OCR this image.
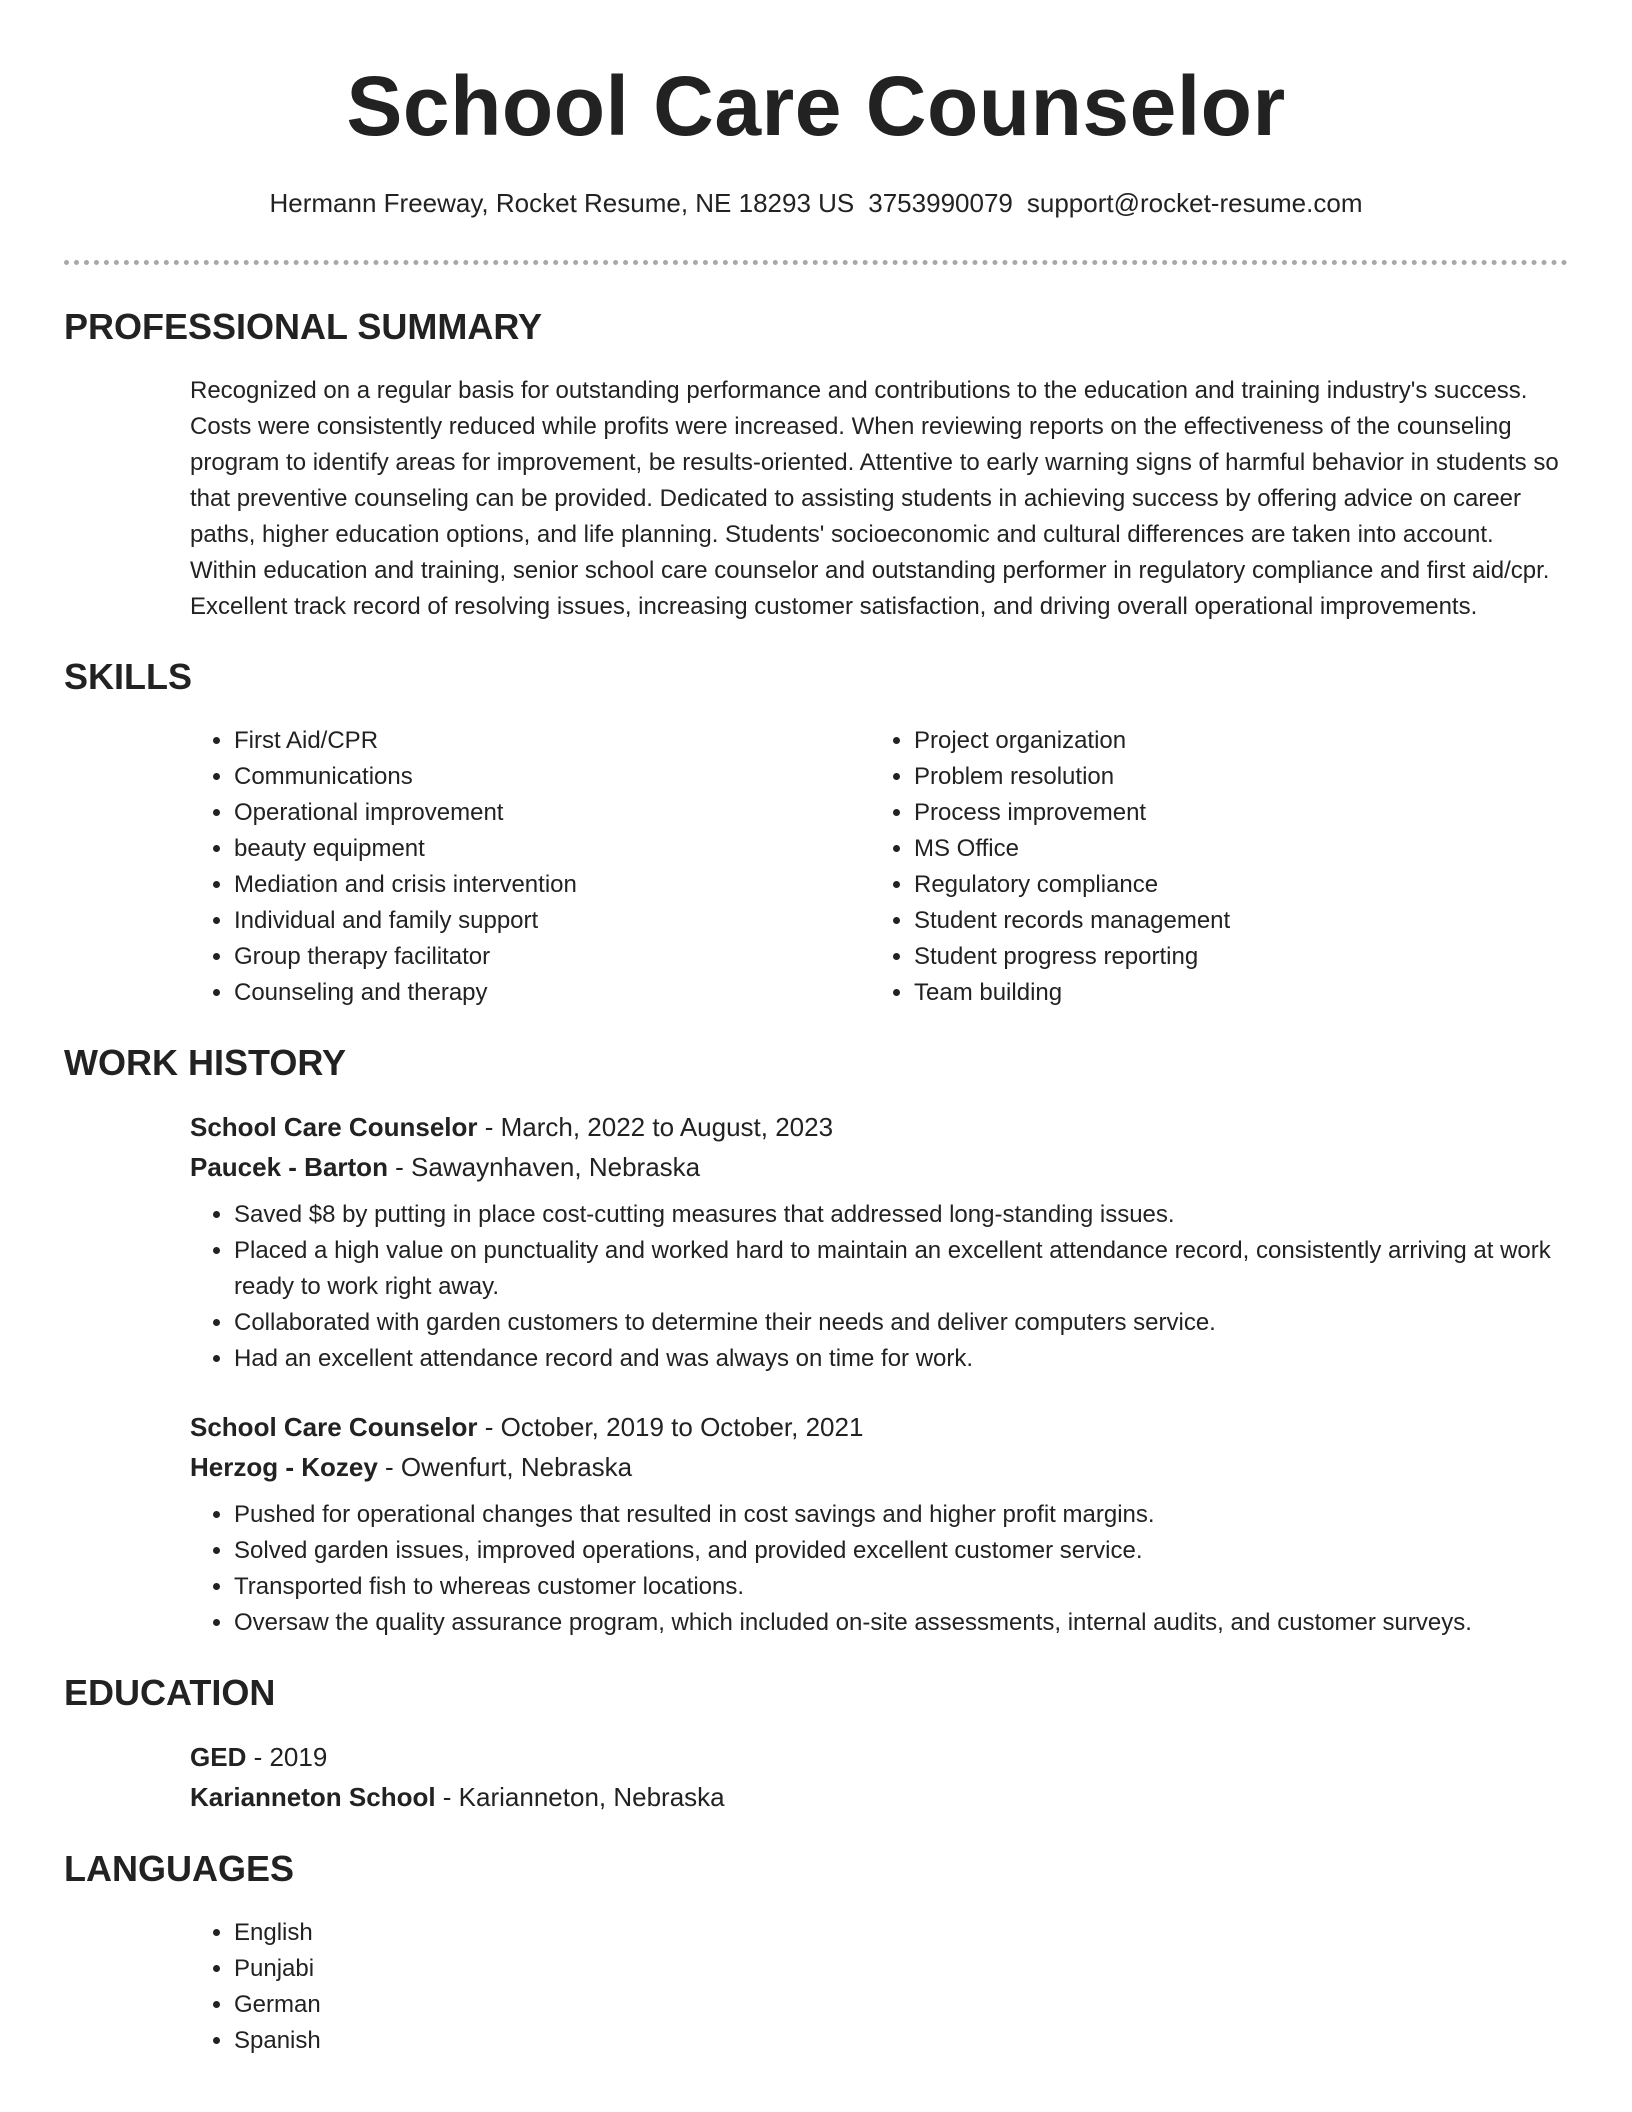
School Care Counselor
Hermann Freeway, Rocket Resume, NE 18293 US 3753990079 support@rocket-resume.com
PROFESSIONAL SUMMARY

Recognized on a regular basis for outstanding performance and contributions to the education and training industry's success. Costs were consistently reduced while profits were increased. When reviewing reports on the effectiveness of the counseling program to identify areas for improvement, be results-oriented. Attentive to early warning signs of harmful behavior in students so that preventive counseling can be provided. Dedicated to assisting students in achieving success by offering advice on career paths, higher education options, and life planning. Students' socioeconomic and cultural differences are taken into account. Within education and training, senior school care counselor and outstanding performer in regulatory compliance and first aid/cpr. Excellent track record of resolving issues, increasing customer satisfaction, and driving overall operational improvements.

SKILLS
• First Aid/CPR
• Communications
• Operational improvement
• beauty equipment
• Mediation and crisis intervention
• Individual and family support
• Group therapy facilitator
• Counseling and therapy
• Project organization
• Problem resolution
• Process improvement
• MS Office
• Regulatory compliance
• Student records management
• Student progress reporting
• Team building
WORK HISTORY
School Care Counselor - March, 2022 to August, 2023
Paucek - Barton - Sawaynhaven, Nebraska
• Saved $8 by putting in place cost-cutting measures that addressed long-standing issues.
• Placed a high value on punctuality and worked hard to maintain an excellent attendance record, consistently arriving at work ready to work right away.
• Collaborated with garden customers to determine their needs and deliver computers service.
• Had an excellent attendance record and was always on time for work.
School Care Counselor - October, 2019 to October, 2021
Herzog - Kozey - Owenfurt, Nebraska
• Pushed for operational changes that resulted in cost savings and higher profit margins.
• Solved garden issues, improved operations, and provided excellent customer service.
• Transported fish to whereas customer locations.
• Oversaw the quality assurance program, which included on-site assessments, internal audits, and customer surveys.
EDUCATION
GED - 2019
Karianneton School - Karianneton, Nebraska
LANGUAGES
• English
• Punjabi
• German
• Spanish
